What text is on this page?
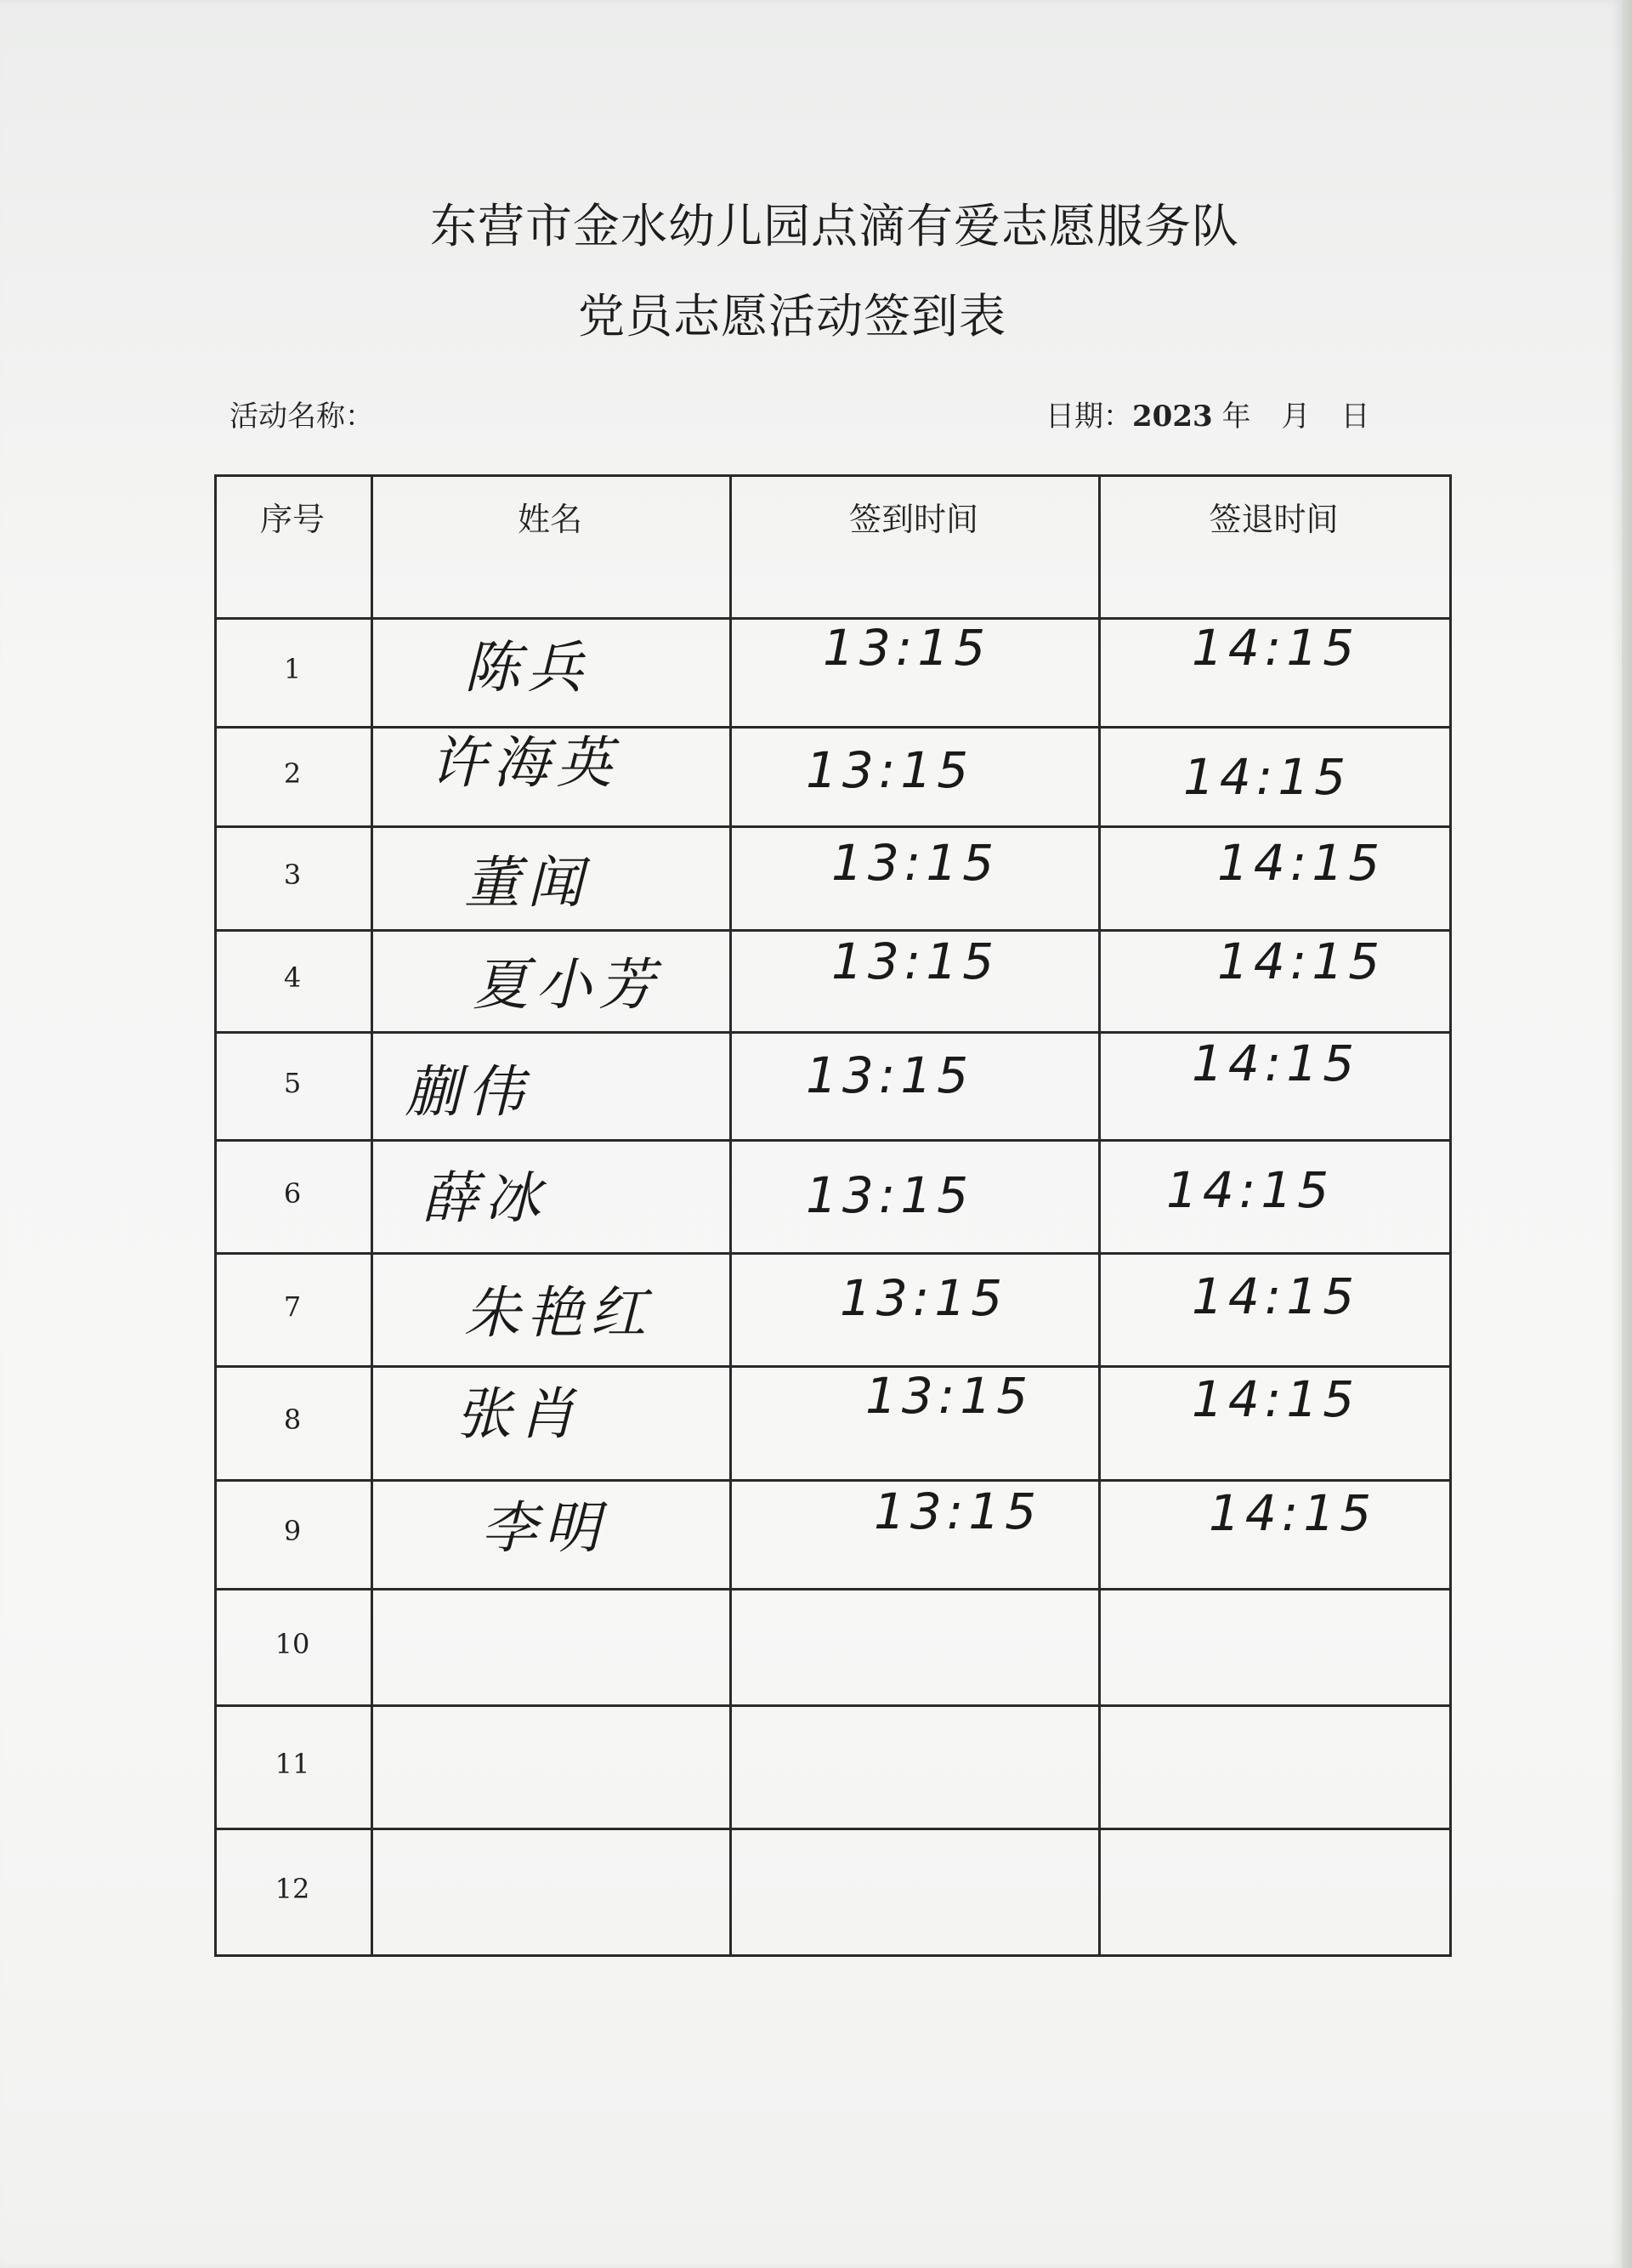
东营市金水幼儿园点滴有爱志愿服务队
党员志愿活动签到表
活动名称：	日期：2023 年 月 日
序号	姓名	签到时间	签退时间
1	陈兵	13:15	14:15
2	许海英	13:15	14:15
3	董闻	13:15	14:15
4	夏小芳	13:15	14:15
5	蒯伟	13:15	14:15
6	薛冰	13:15	14:15
7	朱艳红	13:15	14:15
8	张肖	13:15	14:15
9	李明	13:15	14:15
10
11
12
